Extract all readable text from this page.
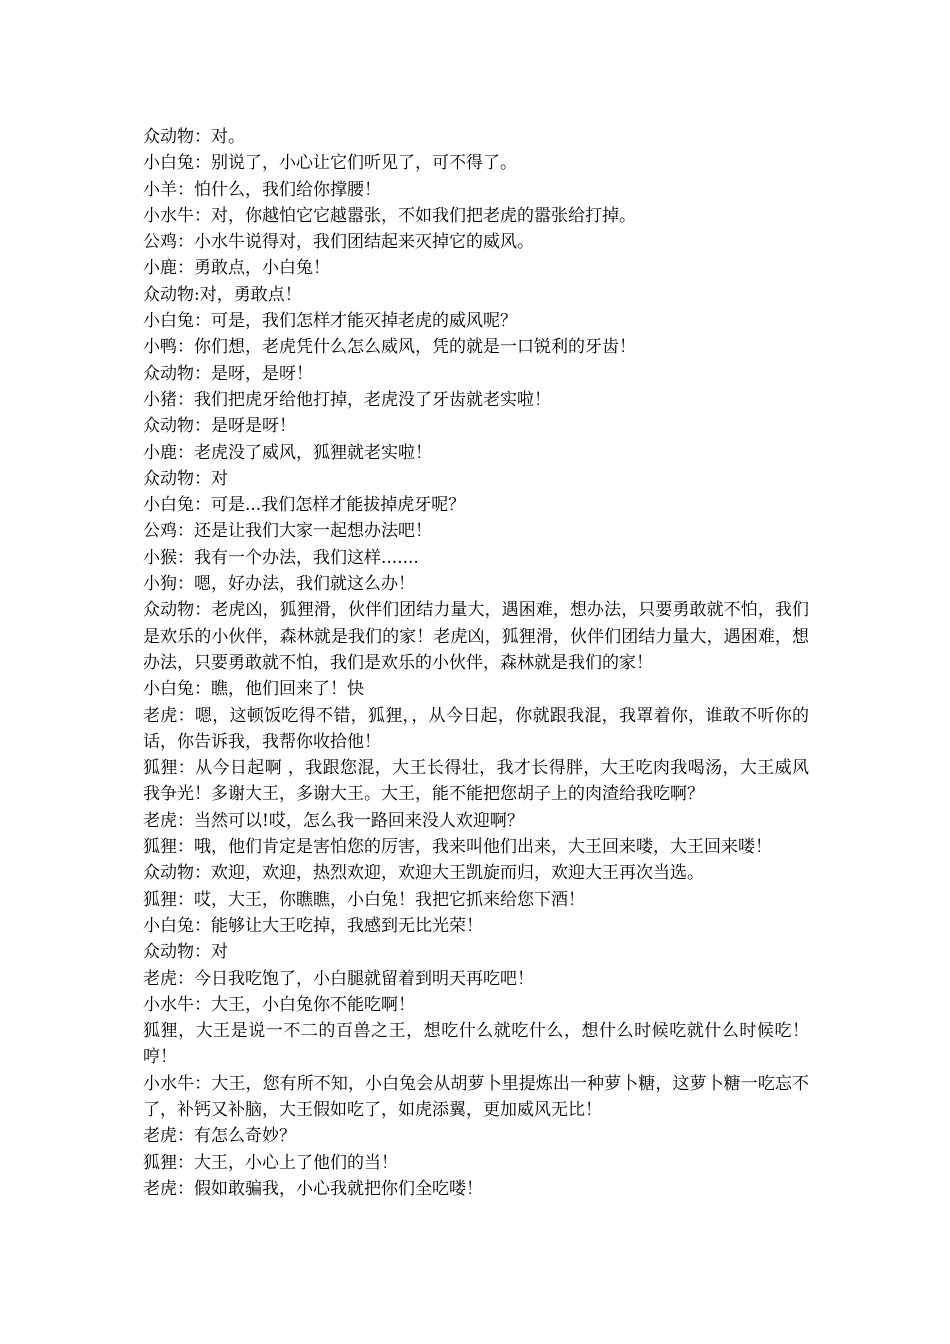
众动物：对。

小白兔：别说了，小心让它们听见了，可不得了。

小羊：怕什么，我们给你撑腰！

小水牛：对，你越怕它它越嚣张，不如我们把老虎的嚣张给打掉。

公鸡：小水牛说得对，我们团结起来灭掉它的威风。

小鹿：勇敢点，小白兔！

众动物:对，勇敢点！

小白兔：可是，我们怎样才能灭掉老虎的威风呢？

小鸭：你们想，老虎凭什么怎么威风，凭的就是一口锐利的牙齿！

众动物：是呀，是呀！

小猪：我们把虎牙给他打掉，老虎没了牙齿就老实啦！

众动物：是呀是呀！

小鹿：老虎没了威风，狐狸就老实啦！

众动物：对

小白兔：可是...我们怎样才能拔掉虎牙呢？

公鸡：还是让我们大家一起想办法吧！

小猴：我有一个办法，我们这样.......

小狗：嗯，好办法，我们就这么办！

众动物：老虎凶，狐狸滑，伙伴们团结力量大，遇困难，想办法，只要勇敢就不怕，我们是欢乐的小伙伴，森林就是我们的家！老虎凶，狐狸滑，伙伴们团结力量大，遇困难，想办法，只要勇敢就不怕，我们是欢乐的小伙伴，森林就是我们的家！

小白兔：瞧，他们回来了！快

老虎：嗯，这顿饭吃得不错，狐狸，，从今日起，你就跟我混，我罩着你，谁敢不听你的话，你告诉我，我帮你收拾他！

狐狸：从今日起啊 ，我跟您混，大王长得壮，我才长得胖，大王吃肉我喝汤，大王威风我争光！多谢大王，多谢大王。大王，能不能把您胡子上的肉渣给我吃啊？

老虎：当然可以!哎，怎么我一路回来没人欢迎啊？

狐狸：哦，他们肯定是害怕您的厉害，我来叫他们出来，大王回来喽，大王回来喽！

众动物：欢迎，欢迎，热烈欢迎，欢迎大王凯旋而归，欢迎大王再次当选。

狐狸：哎，大王，你瞧瞧，小白兔！我把它抓来给您下酒！

小白兔：能够让大王吃掉，我感到无比光荣！

众动物：对

老虎：今日我吃饱了，小白腿就留着到明天再吃吧！

小水牛：大王，小白兔你不能吃啊！

狐狸，大王是说一不二的百兽之王，想吃什么就吃什么，想什么时候吃就什么时候吃！哼！

小水牛：大王，您有所不知，小白兔会从胡萝卜里提炼出一种萝卜糖，这萝卜糖一吃忘不了，补钙又补脑，大王假如吃了，如虎添翼，更加威风无比！

老虎：有怎么奇妙？

狐狸：大王，小心上了他们的当！

老虎：假如敢骗我，小心我就把你们全吃喽！
